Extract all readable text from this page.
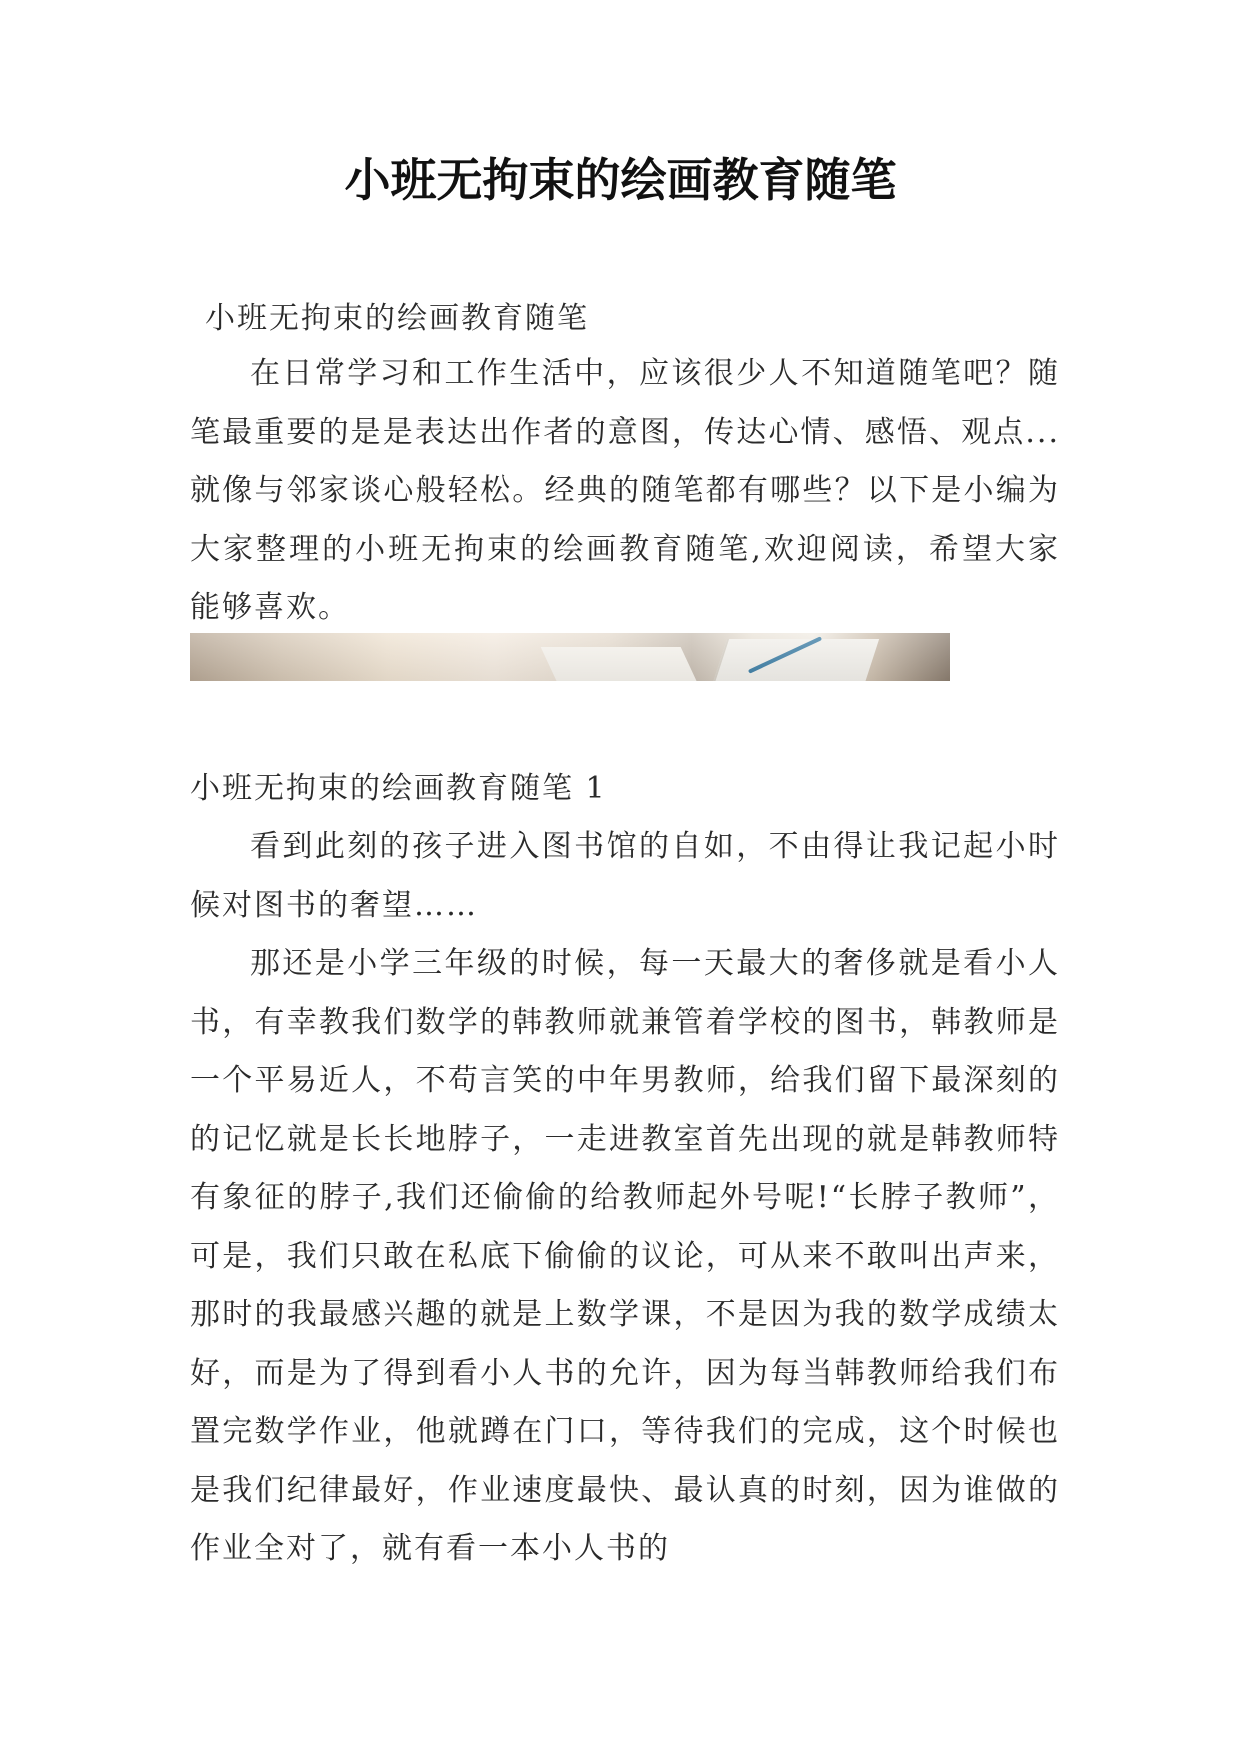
小班无拘束的绘画教育随笔

小班无拘束的绘画教育随笔

在日常学习和工作生活中，应该很少人不知道随笔吧？随笔最重要的是是表达出作者的意图，传达心情、感悟、观点...就像与邻家谈心般轻松。经典的随笔都有哪些？以下是小编为大家整理的小班无拘束的绘画教育随笔,欢迎阅读，希望大家能够喜欢。

小班无拘束的绘画教育随笔 1

看到此刻的孩子进入图书馆的自如，不由得让我记起小时候对图书的奢望……

那还是小学三年级的时候，每一天最大的奢侈就是看小人书，有幸教我们数学的韩教师就兼管着学校的图书，韩教师是一个平易近人，不苟言笑的中年男教师，给我们留下最深刻的的记忆就是长长地脖子，一走进教室首先出现的就是韩教师特有象征的脖子,我们还偷偷的给教师起外号呢!“长脖子教师”，可是，我们只敢在私底下偷偷的议论，可从来不敢叫出声来，那时的我最感兴趣的就是上数学课，不是因为我的数学成绩太好，而是为了得到看小人书的允许，因为每当韩教师给我们布置完数学作业，他就蹲在门口，等待我们的完成，这个时候也是我们纪律最好，作业速度最快、最认真的时刻，因为谁做的作业全对了，就有看一本小人书的
